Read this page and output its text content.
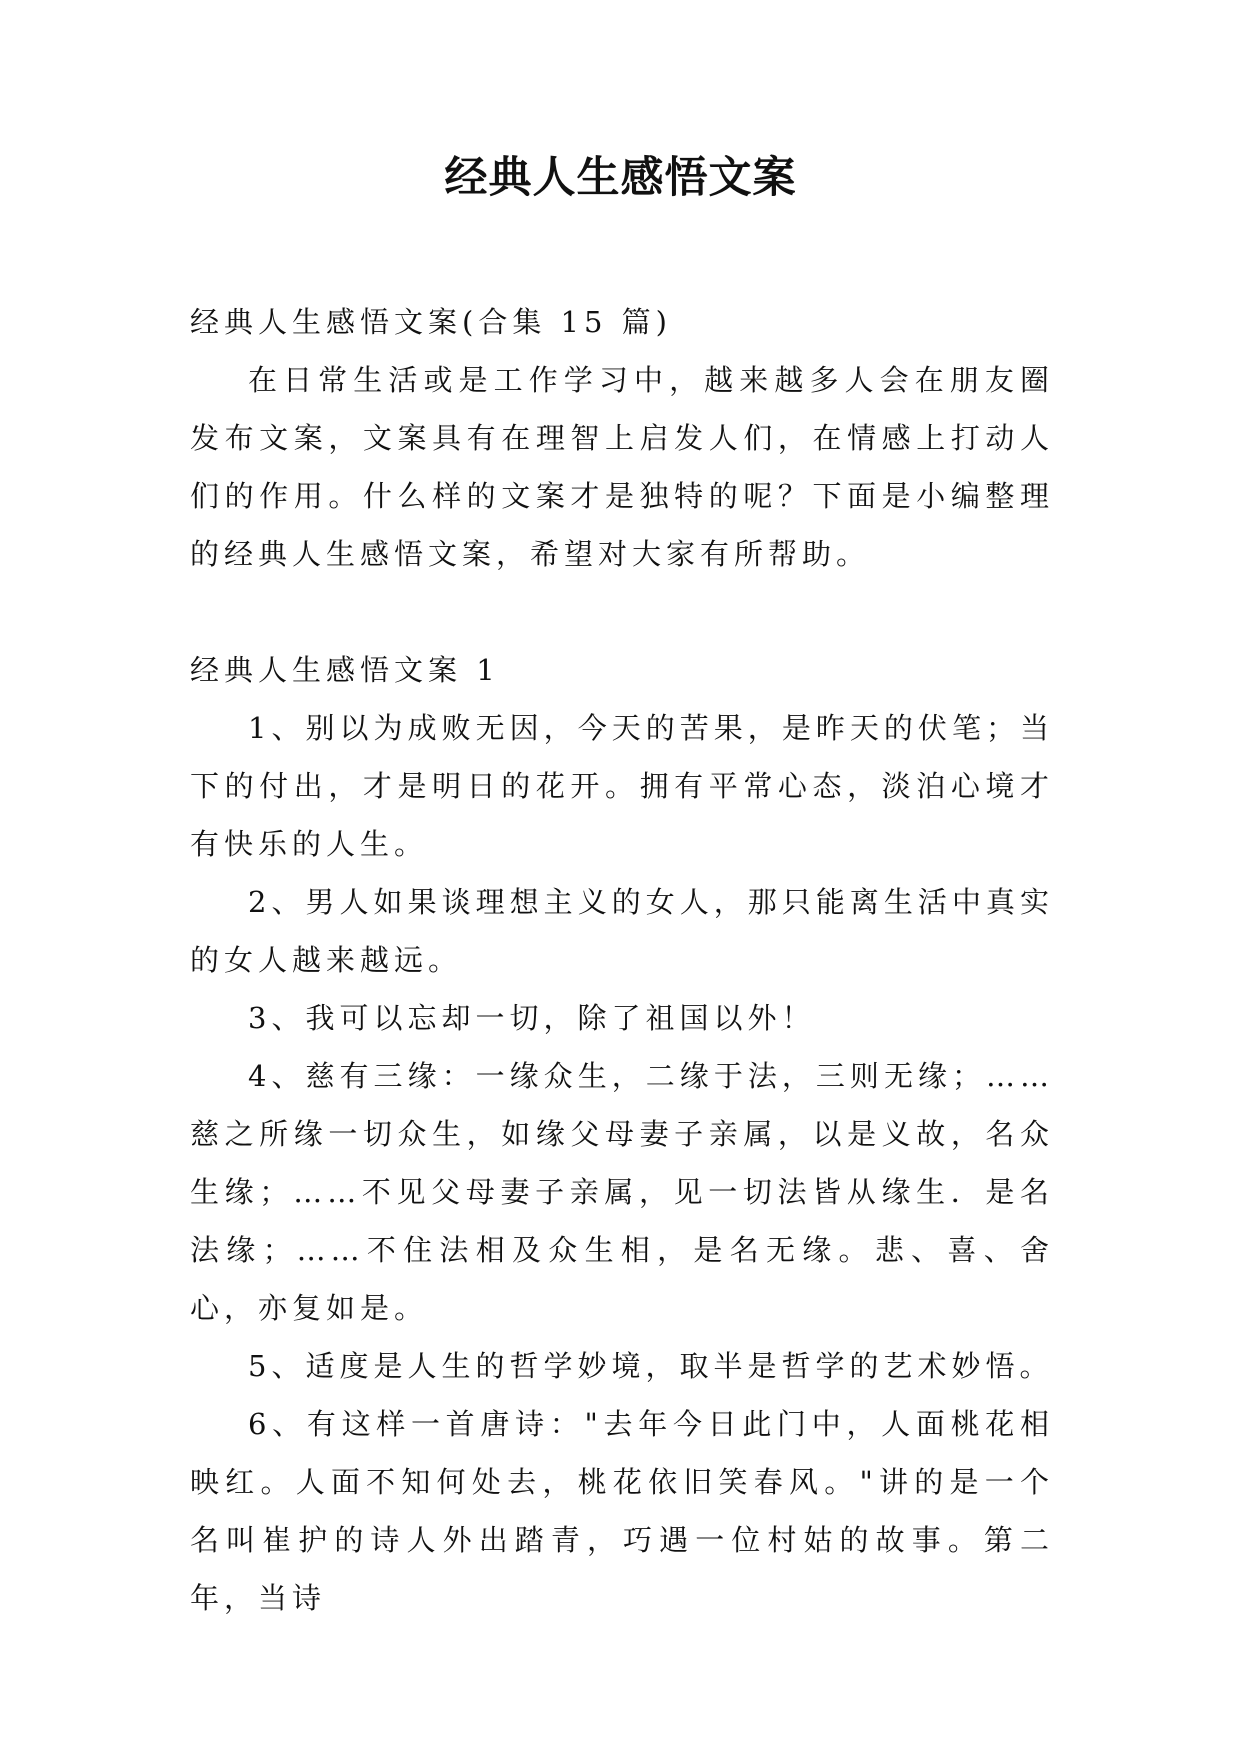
经典人生感悟文案

经典人生感悟文案(合集 15 篇)

在日常生活或是工作学习中，越来越多人会在朋友圈发布文案，文案具有在理智上启发人们，在情感上打动人们的作用。什么样的文案才是独特的呢？下面是小编整理的经典人生感悟文案，希望对大家有所帮助。

经典人生感悟文案 1

1、别以为成败无因，今天的苦果，是昨天的伏笔；当下的付出，才是明日的花开。拥有平常心态，淡泊心境才有快乐的人生。

2、男人如果谈理想主义的女人，那只能离生活中真实的女人越来越远。

3、我可以忘却一切，除了祖国以外！

4、慈有三缘：一缘众生，二缘于法，三则无缘；……慈之所缘一切众生，如缘父母妻子亲属，以是义故，名众生缘；……不见父母妻子亲属，见一切法皆从缘生．是名法缘；……不住法相及众生相，是名无缘。悲、喜、舍心，亦复如是。

5、适度是人生的哲学妙境，取半是哲学的艺术妙悟。

6、有这样一首唐诗："去年今日此门中，人面桃花相映红。人面不知何处去，桃花依旧笑春风。"讲的是一个名叫崔护的诗人外出踏青，巧遇一位村姑的故事。第二年，当诗
